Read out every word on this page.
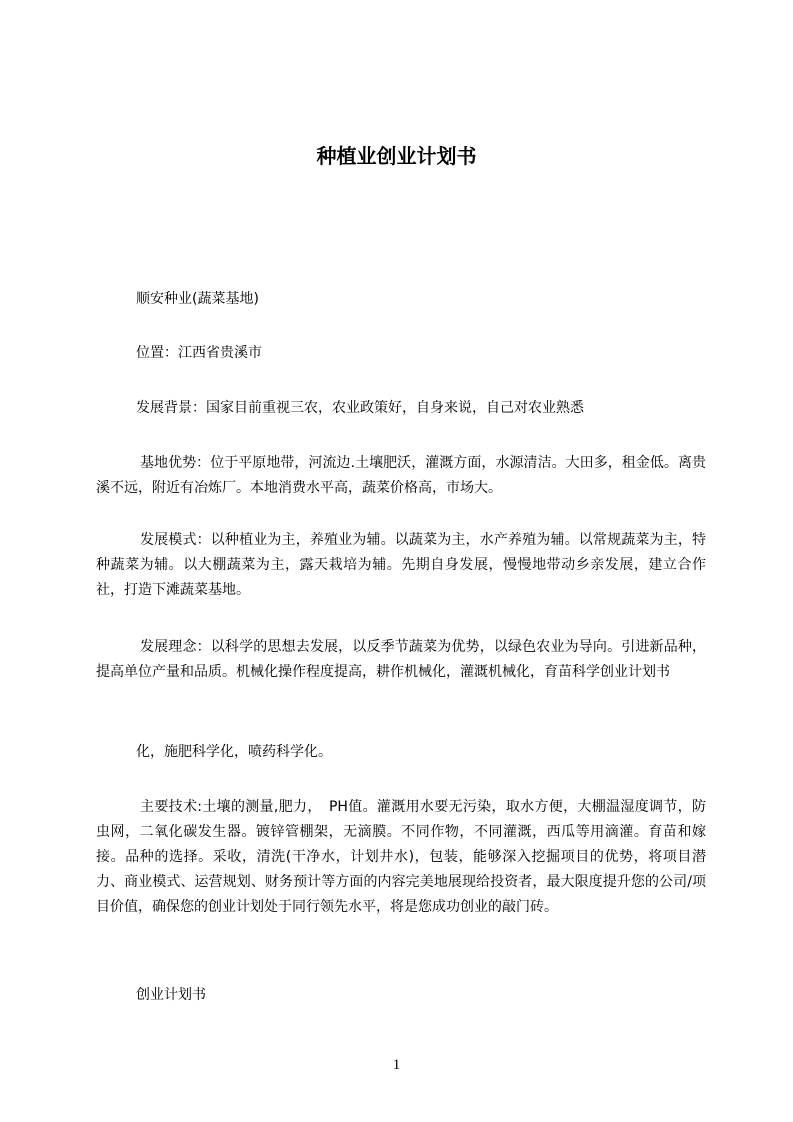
种植业创业计划书

顺安种业(蔬菜基地)

位置：江西省贵溪市

发展背景：国家目前重视三农，农业政策好，自身来说，自己对农业熟悉

基地优势：位于平原地带，河流边.土壤肥沃，灌溉方面，水源清洁。大田多，租金低。离贵溪不远，附近有冶炼厂。本地消费水平高，蔬菜价格高，市场大。

发展模式：以种植业为主，养殖业为辅。以蔬菜为主，水产养殖为辅。以常规蔬菜为主，特种蔬菜为辅。以大棚蔬菜为主，露天栽培为辅。先期自身发展，慢慢地带动乡亲发展，建立合作社，打造下滩蔬菜基地。

发展理念：以科学的思想去发展，以反季节蔬菜为优势，以绿色农业为导向。引进新品种，提高单位产量和品质。机械化操作程度提高，耕作机械化，灌溉机械化，育苗科学创业计划书

化，施肥科学化，喷药科学化。

主要技术:土壤的测量,肥力，　PH值。灌溉用水要无污染，取水方便，大棚温湿度调节，防虫网，二氧化碳发生器。镀锌管棚架，无滴膜。不同作物，不同灌溉，西瓜等用滴灌。育苗和嫁接。品种的选择。采收，清洗(干净水，计划井水)，包装，能够深入挖掘项目的优势，将项目潜力、商业模式、运营规划、财务预计等方面的内容完美地展现给投资者，最大限度提升您的公司/项目价值，确保您的创业计划处于同行领先水平，将是您成功创业的敲门砖。

创业计划书

1
